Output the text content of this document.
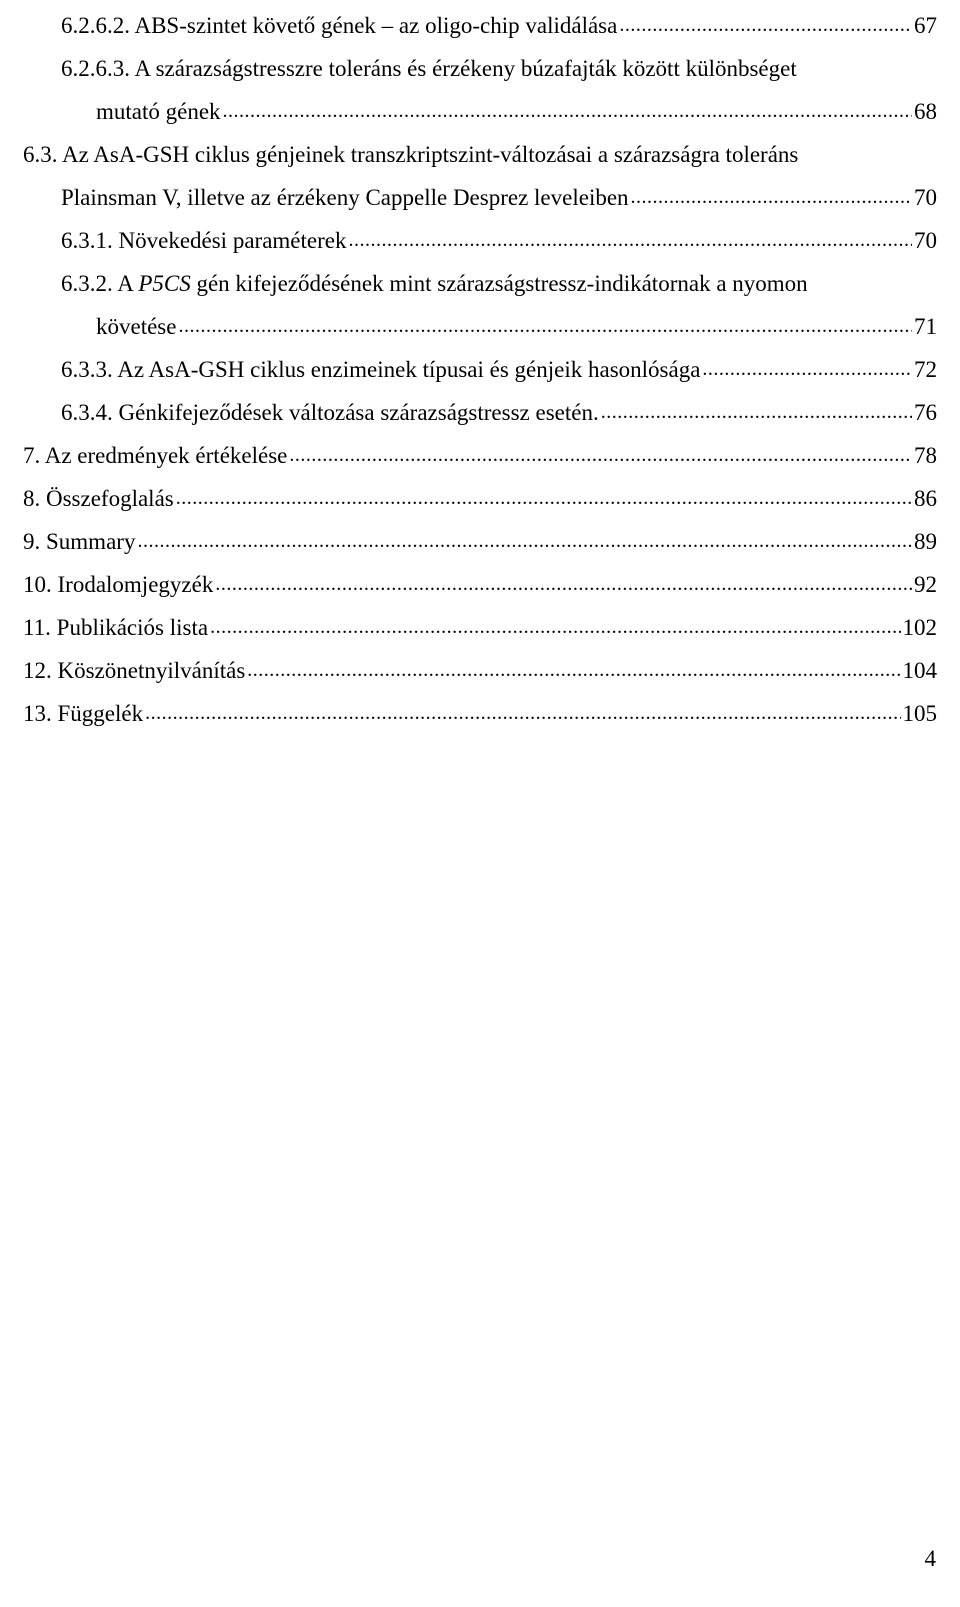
6.2.6.2. ABS-szintet követő gének – az oligo-chip validálása .....	67
6.2.6.3. A szárazságstresszre toleráns és érzékeny búzafajták között különbséget
mutató gének .....	68
6.3. Az AsA-GSH ciklus génjeinek transzkriptszint-változásai a szárazságra toleráns
Plainsman V, illetve az érzékeny Cappelle Desprez leveleiben .....	70
6.3.1. Növekedési paraméterek .....	70
6.3.2. A P5CS gén kifejeződésének mint szárazságstressz-indikátornak a nyomon
követése .....	71
6.3.3. Az AsA-GSH ciklus enzimeinek típusai és génjeik hasonlósága .....	72
6.3.4. Génkifejeződések változása szárazságstressz esetén. .....	76
7. Az eredmények értékelése .....	78
8. Összefoglalás .....	86
9. Summary .....	89
10. Irodalomjegyzék .....	92
11. Publikációs lista .....	102
12. Köszönetnyilvánítás .....	104
13. Függelék .....	105
4
